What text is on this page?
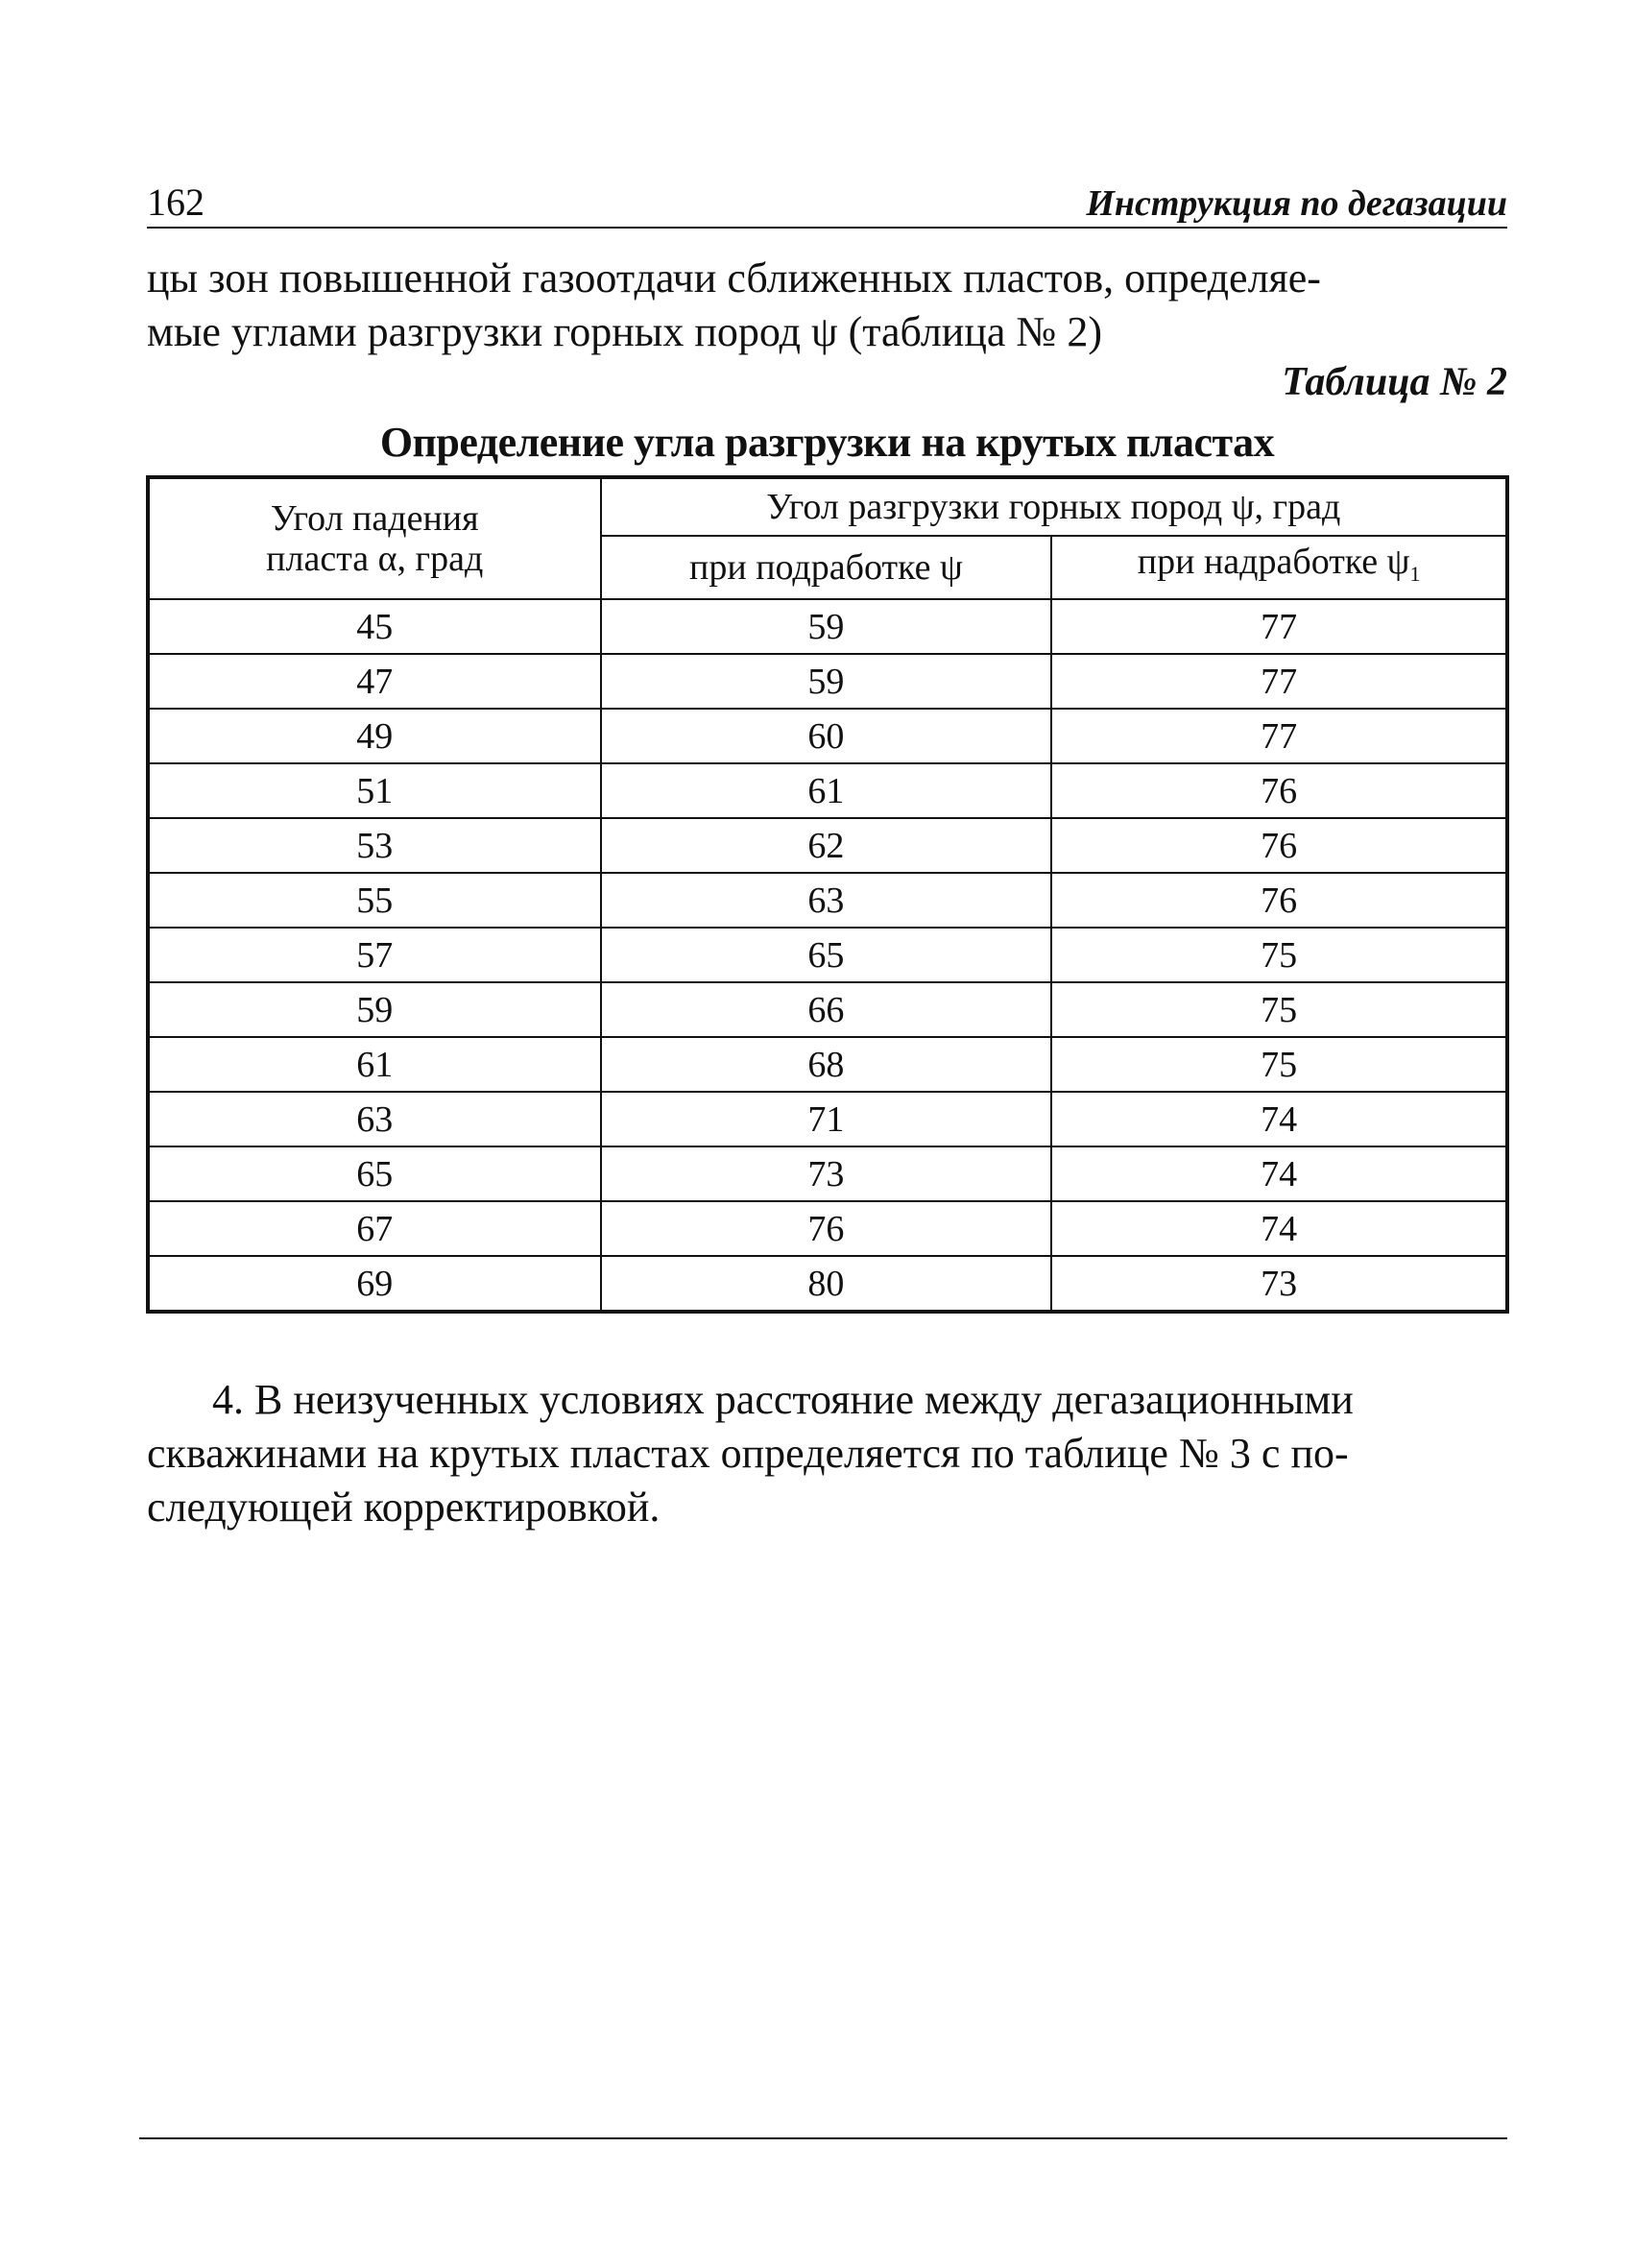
162	Инструкция по дегазации
цы зон повышенной газоотдачи сближенных пластов, определяе-
мые углами разгрузки горных пород ψ (таблица № 2)
Таблица № 2
Определение угла разгрузки на крутых пластах
Угол падения
пласта α, град	Угол разгрузки горных пород ψ, град	
	при подработке ψ	при надработке $\psi_1$
45	59	77
47	59	77
49	60	77
51	61	76
53	62	76
55	63	76
57	65	75
59	66	75
61	68	75
63	71	74
65	73	74
67	76	74
69	80	73
4. В неизученных условиях расстояние между дегазационными
скважинами на крутых пластах определяется по таблице № 3 с по-
следующей корректировкой.
